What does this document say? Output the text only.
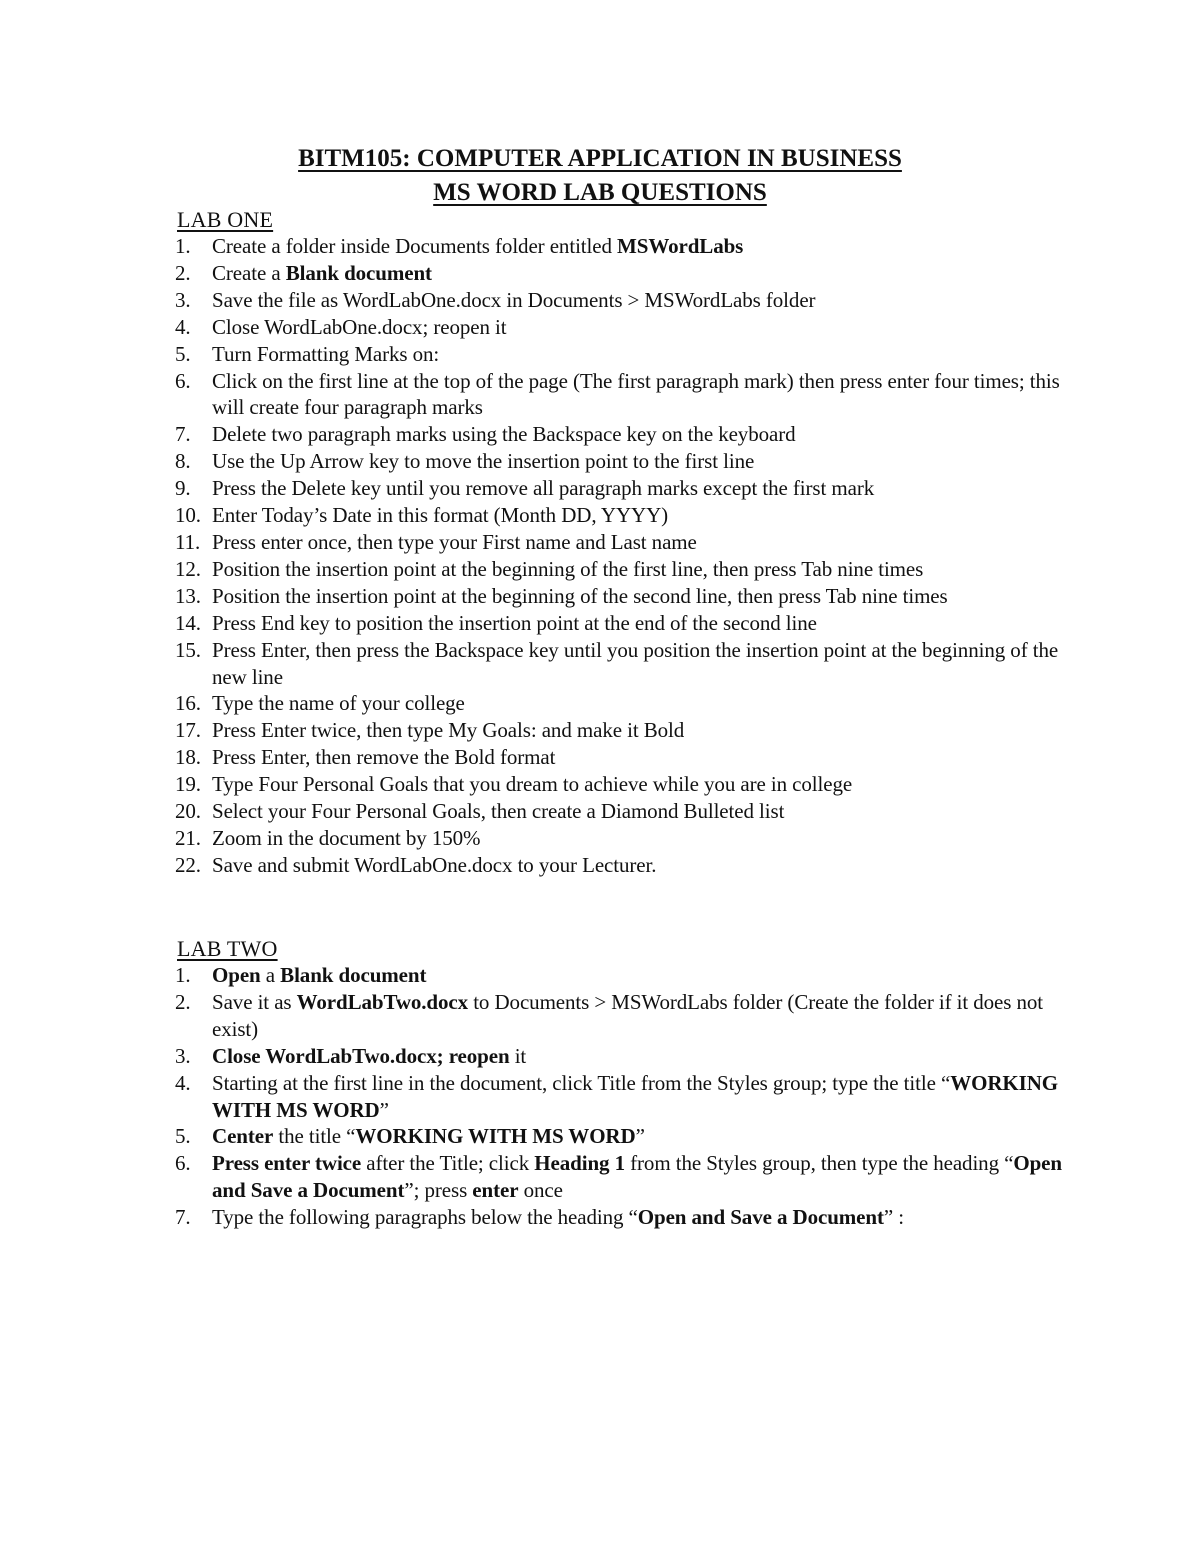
BITM105: COMPUTER APPLICATION IN BUSINESS
MS WORD LAB QUESTIONS
LAB ONE
1.	Create a folder inside Documents folder entitled MSWordLabs
2.	Create a Blank document
3.	Save the file as WordLabOne.docx in Documents > MSWordLabs folder
4.	Close WordLabOne.docx; reopen it
5.	Turn Formatting Marks on:
6.	Click on the first line at the top of the page (The first paragraph mark) then press enter four times; this will create four paragraph marks
7.	Delete two paragraph marks using the Backspace key on the keyboard
8.	Use the Up Arrow key to move the insertion point to the first line
9.	Press the Delete key until you remove all paragraph marks except the first mark
10. Enter Today’s Date in this format (Month DD, YYYY)
11. Press enter once, then type your First name and Last name
12. Position the insertion point at the beginning of the first line, then press Tab nine times
13. Position the insertion point at the beginning of the second line, then press Tab nine times
14. Press End key to position the insertion point at the end of the second line
15. Press Enter, then press the Backspace key until you position the insertion point at the beginning of the new line
16. Type the name of your college
17. Press Enter twice, then type My Goals: and make it Bold
18. Press Enter, then remove the Bold format
19. Type Four Personal Goals that you dream to achieve while you are in college
20. Select your Four Personal Goals, then create a Diamond Bulleted list
21. Zoom in the document by 150%
22. Save and submit WordLabOne.docx to your Lecturer.
LAB TWO
1.	Open a Blank document
2.	Save it as WordLabTwo.docx to Documents > MSWordLabs folder (Create the folder if it does not exist)
3.	Close WordLabTwo.docx; reopen it
4.	Starting at the first line in the document, click Title from the Styles group; type the title “WORKING WITH MS WORD”
5.	Center the title “WORKING WITH MS WORD”
6.	Press enter twice after the Title; click Heading 1 from the Styles group, then type the heading “Open and Save a Document”; press enter once
7.	Type the following paragraphs below the heading “Open and Save a Document” :
